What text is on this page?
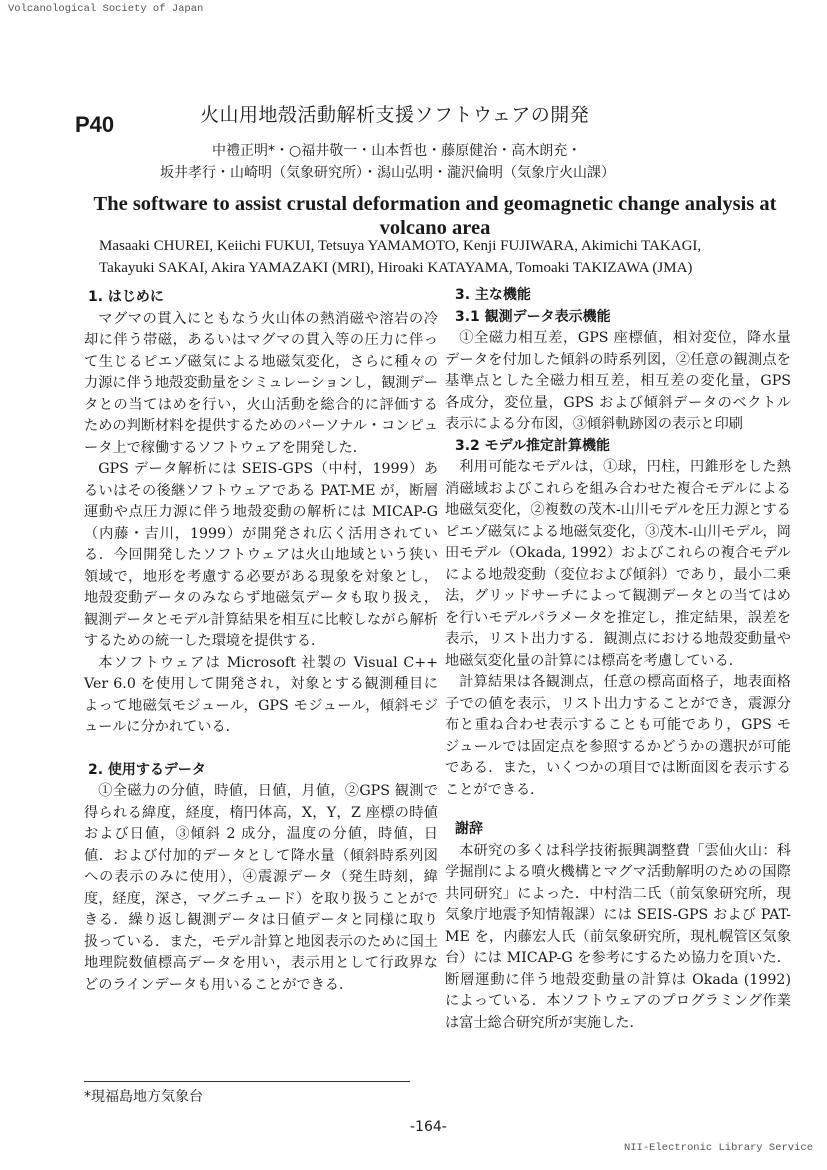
Volcanological Society of Japan
P40	火山用地殻活動解析支援ソフトウェアの開発
中禮正明*・○福井敬一・山本哲也・藤原健治・高木朗充・
坂井孝行・山崎明（気象研究所）・潟山弘明・瀧沢倫明（気象庁火山課）
The software to assist crustal deformation and geomagnetic change analysis at volcano area
Masaaki CHUREI, Keiichi FUKUI, Tetsuya YAMAMOTO, Kenji FUJIWARA, Akimichi TAKAGI,
Takayuki SAKAI, Akira YAMAZAKI (MRI), Hiroaki KATAYAMA, Tomoaki TAKIZAWA (JMA)
1. はじめに

マグマの貫入にともなう火山体の熱消磁や溶岩の冷却に伴う帯磁，あるいはマグマの貫入等の圧力に伴って生じるピエゾ磁気による地磁気変化，さらに種々の力源に伴う地殻変動量をシミュレーションし，観測データとの当てはめを行い，火山活動を総合的に評価するための判断材料を提供するためのパーソナル・コンピュータ上で稼働するソフトウェアを開発した．

GPS データ解析には SEIS-GPS（中村，1999）あるいはその後継ソフトウェアである PAT-ME が，断層運動や点圧力源に伴う地殻変動の解析には MICAP-G（内藤・吉川，1999）が開発され広く活用されている．今回開発したソフトウェアは火山地域という狭い領域で，地形を考慮する必要がある現象を対象とし，地殻変動データのみならず地磁気データも取り扱え，観測データとモデル計算結果を相互に比較しながら解析するための統一した環境を提供する．

本ソフトウェアは Microsoft 社製の Visual C++ Ver 6.0 を使用して開発され，対象とする観測種目によって地磁気モジュール，GPS モジュール，傾斜モジュールに分かれている．

2. 使用するデータ

①全磁力の分値，時値，日値，月値，②GPS 観測で得られる緯度，経度，楕円体高，X，Y，Z 座標の時値および日値，③傾斜 2 成分，温度の分値，時値，日値．および付加的データとして降水量（傾斜時系列図への表示のみに使用），④震源データ（発生時刻，緯度，経度，深さ，マグニチュード）を取り扱うことができる．繰り返し観測データは日値データと同様に取り扱っている．また，モデル計算と地図表示のために国土地理院数値標高データを用い，表示用として行政界などのラインデータも用いることができる．

3. 主な機能
3.1 観測データ表示機能

①全磁力相互差，GPS 座標値，相対変位，降水量データを付加した傾斜の時系列図，②任意の観測点を基準点とした全磁力相互差，相互差の変化量，GPS 各成分，変位量，GPS および傾斜データのベクトル表示による分布図，③傾斜軌跡図の表示と印刷

3.2 モデル推定計算機能

利用可能なモデルは，①球，円柱，円錐形をした熱消磁域およびこれらを組み合わせた複合モデルによる地磁気変化，②複数の茂木-山川モデルを圧力源とするピエゾ磁気による地磁気変化，③茂木-山川モデル，岡田モデル（Okada, 1992）およびこれらの複合モデルによる地殻変動（変位および傾斜）であり，最小二乗法，グリッドサーチによって観測データとの当てはめを行いモデルパラメータを推定し，推定結果，誤差を表示，リスト出力する．観測点における地殻変動量や地磁気変化量の計算には標高を考慮している．

計算結果は各観測点，任意の標高面格子，地表面格子での値を表示，リスト出力することができ，震源分布と重ね合わせ表示することも可能であり，GPS モジュールでは固定点を参照するかどうかの選択が可能である．また，いくつかの項目では断面図を表示することができる．

謝辞

本研究の多くは科学技術振興調整費「雲仙火山：科学掘削による噴火機構とマグマ活動解明のための国際共同研究」によった．中村浩二氏（前気象研究所，現気象庁地震予知情報課）には SEIS-GPS および PAT-ME を，内藤宏人氏（前気象研究所，現札幌管区気象台）には MICAP-G を参考にするため協力を頂いた．断層運動に伴う地殻変動量の計算は Okada (1992) によっている．本ソフトウェアのプログラミング作業は富士総合研究所が実施した．

*現福島地方気象台
-164-
NII-Electronic Library Service
